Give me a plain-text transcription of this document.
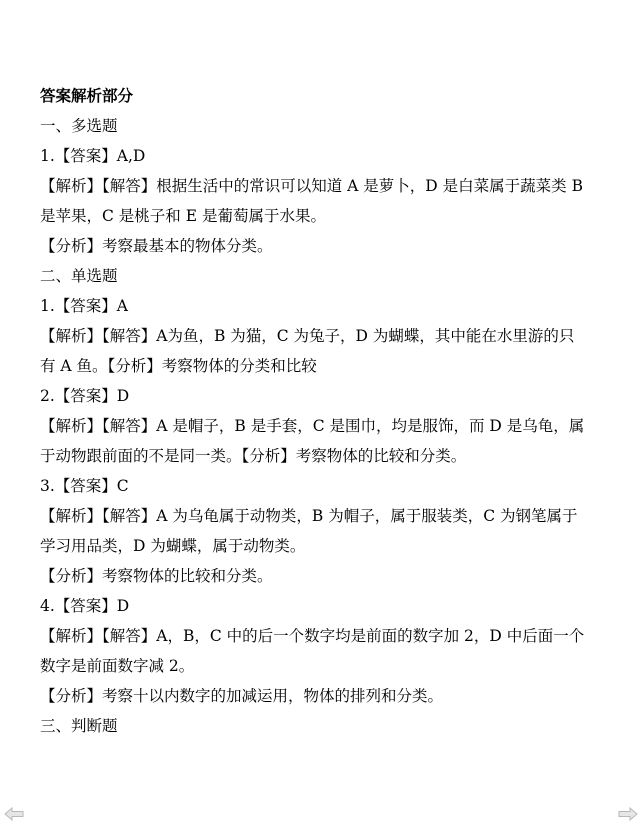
答案解析部分
一、多选题
1.【答案】A,D
【解析】【解答】根据生活中的常识可以知道 A 是萝卜，D 是白菜属于蔬菜类 B
是苹果，C 是桃子和 E 是葡萄属于水果。
【分析】考察最基本的物体分类。
二、单选题
1.【答案】A
【解析】【解答】A为鱼，B 为猫，C 为兔子，D 为蝴蝶，其中能在水里游的只
有 A 鱼。【分析】考察物体的分类和比较
2.【答案】D
【解析】【解答】A 是帽子，B 是手套，C 是围巾，均是服饰，而 D 是乌龟，属
于动物跟前面的不是同一类。【分析】考察物体的比较和分类。
3.【答案】C
【解析】【解答】A 为乌龟属于动物类，B 为帽子，属于服装类，C 为钢笔属于
学习用品类，D 为蝴蝶，属于动物类。
【分析】考察物体的比较和分类。
4.【答案】D
【解析】【解答】A，B，C 中的后一个数字均是前面的数字加 2，D 中后面一个
数字是前面数字减 2。
【分析】考察十以内数字的加减运用，物体的排列和分类。
三、判断题
